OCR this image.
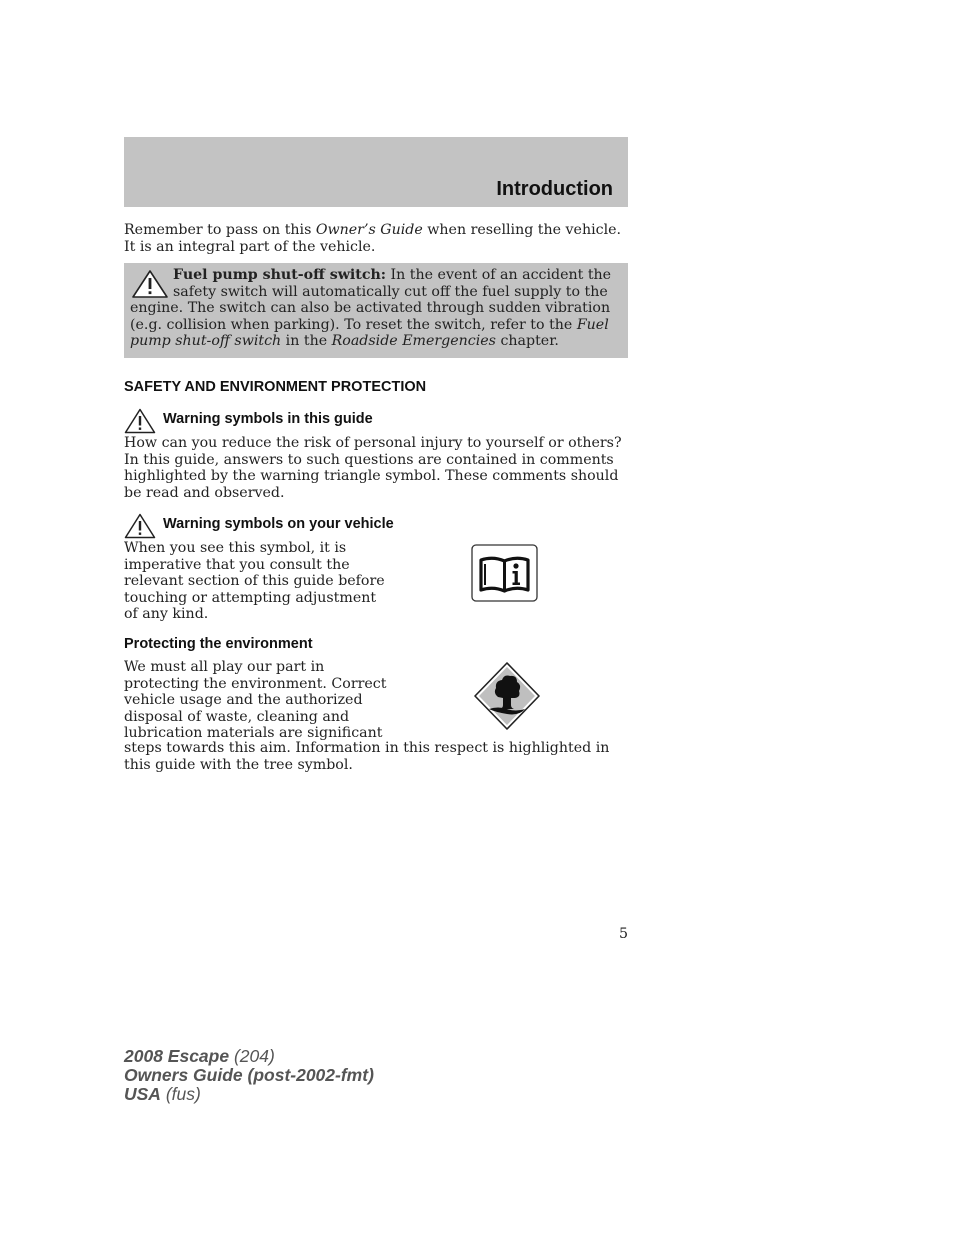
Introduction
Remember to pass on this Owner’s Guide when reselling the vehicle. It is an integral part of the vehicle.
Fuel pump shut-off switch: In the event of an accident the safety switch will automatically cut off the fuel supply to the engine. The switch can also be activated through sudden vibration (e.g. collision when parking). To reset the switch, refer to the Fuel pump shut-off switch in the Roadside Emergencies chapter.
SAFETY AND ENVIRONMENT PROTECTION
Warning symbols in this guide
How can you reduce the risk of personal injury to yourself or others? In this guide, answers to such questions are contained in comments highlighted by the warning triangle symbol. These comments should be read and observed.
Warning symbols on your vehicle
When you see this symbol, it is
imperative that you consult the
relevant section of this guide before
touching or attempting adjustment
of any kind.
Protecting the environment
We must all play our part in
protecting the environment. Correct
vehicle usage and the authorized
disposal of waste, cleaning and
lubrication materials are significant
steps towards this aim. Information in this respect is highlighted in this guide with the tree symbol.
5
2008 Escape (204)
Owners Guide (post-2002-fmt)
USA (fus)
